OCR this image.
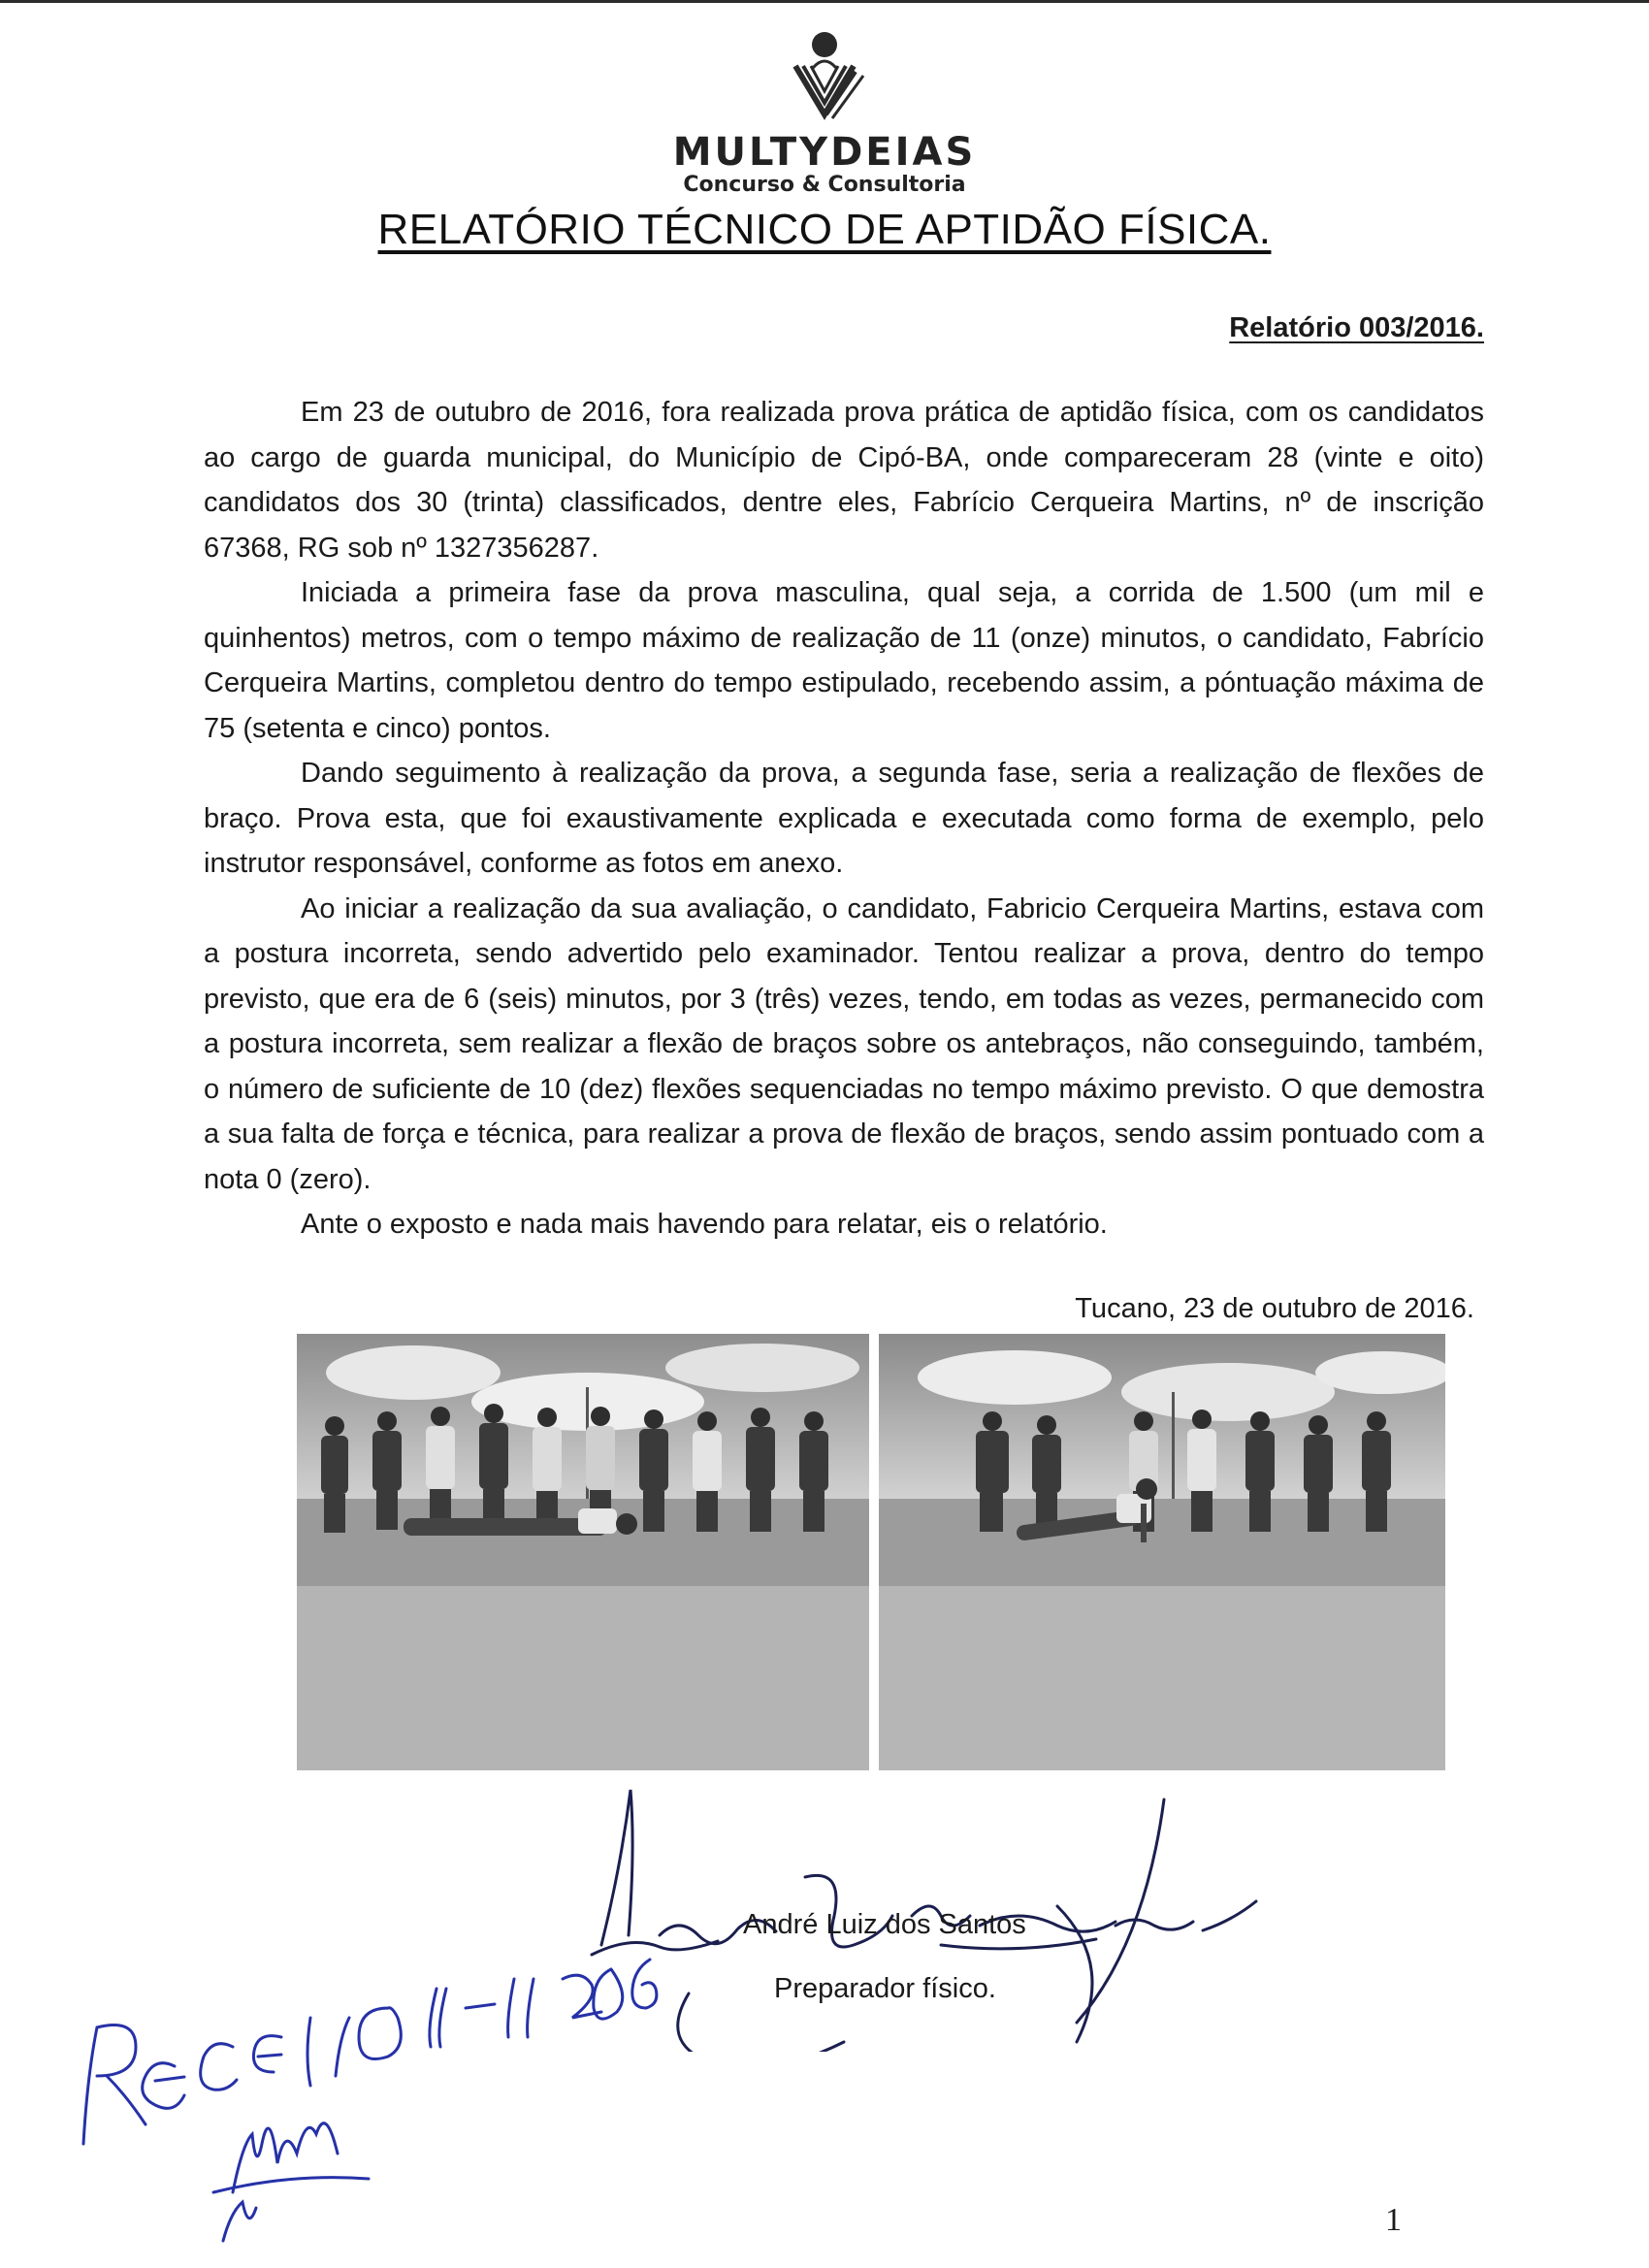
MULTYDEIAS
Concurso & Consultoria
RELATÓRIO TÉCNICO DE APTIDÃO FÍSICA.
Relatório 003/2016.

Em 23 de outubro de 2016, fora realizada prova prática de aptidão física, com os candidatos ao cargo de guarda municipal, do Município de Cipó-BA, onde compareceram 28 (vinte e oito) candidatos dos 30 (trinta) classificados, dentre eles, Fabrício Cerqueira Martins, nº de inscrição 67368, RG sob nº 1327356287.

Iniciada a primeira fase da prova masculina, qual seja, a corrida de 1.500 (um mil e quinhentos) metros, com o tempo máximo de realização de 11 (onze) minutos, o candidato, Fabrício Cerqueira Martins, completou dentro do tempo estipulado, recebendo assim, a póntuação máxima de 75 (setenta e cinco) pontos.

Dando seguimento à realização da prova, a segunda fase, seria a realização de flexões de braço. Prova esta, que foi exaustivamente explicada e executada como forma de exemplo, pelo instrutor responsável, conforme as fotos em anexo.

Ao iniciar a realização da sua avaliação, o candidato, Fabricio Cerqueira Martins, estava com a postura incorreta, sendo advertido pelo examinador. Tentou realizar a prova, dentro do tempo previsto, que era de 6 (seis) minutos, por 3 (três) vezes, tendo, em todas as vezes, permanecido com a postura incorreta, sem realizar a flexão de braços sobre os antebraços, não conseguindo, também, o número de suficiente de 10 (dez) flexões sequenciadas no tempo máximo previsto. O que demostra a sua falta de força e técnica, para realizar a prova de flexão de braços, sendo assim pontuado com a nota 0 (zero).

Ante o exposto e nada mais havendo para relatar, eis o relatório.

Tucano, 23 de outubro de 2016.
André Luiz dos Santos
Preparador físico.
1
